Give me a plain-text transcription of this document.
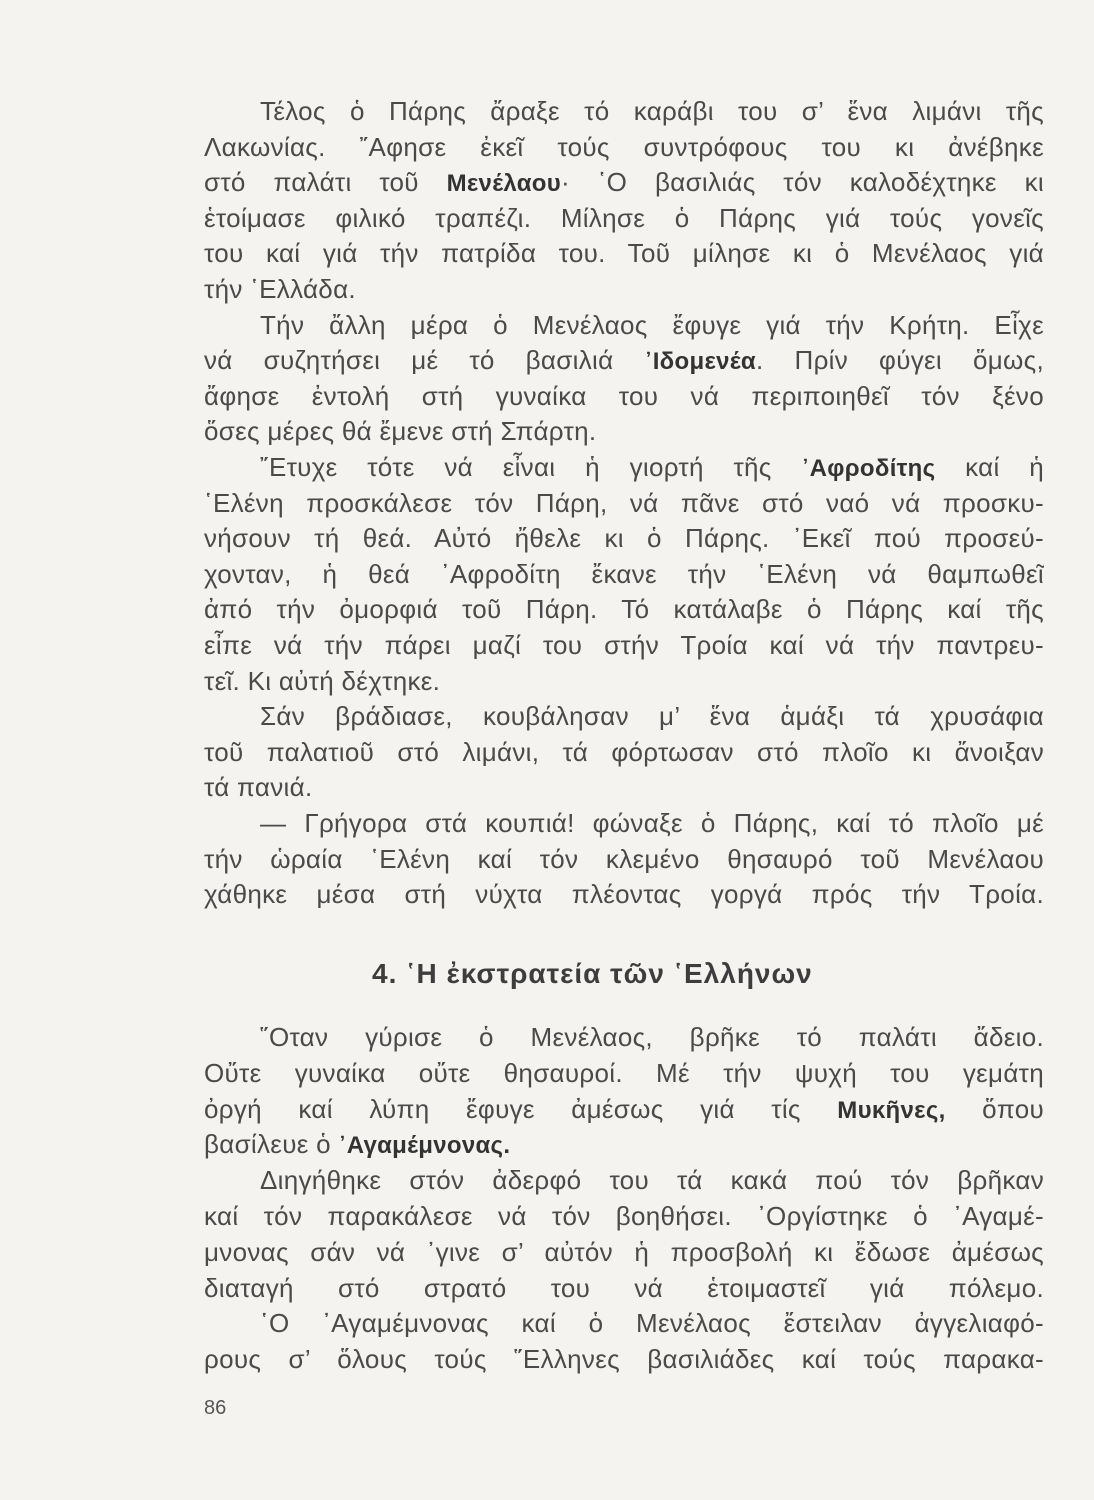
Τέλος ὁ Πάρης ἄραξε τό καράβι του σ’ ἕνα λιμάνι τῆς
Λακωνίας. ῎Αφησε ἐκεῖ τούς συντρόφους του κι ἀνέβηκε
στό παλάτι τοῦ Μενέλαου· ῾Ο βασιλιάς τόν καλοδέχτηκε κι
ἑτοίμασε φιλικό τραπέζι. Μίλησε ὁ Πάρης γιά τούς γονεῖς
του καί γιά τήν πατρίδα του. Τοῦ μίλησε κι ὁ Μενέλαος γιά
τήν ῾Ελλάδα.
Τήν ἄλλη μέρα ὁ Μενέλαος ἔφυγε γιά τήν Κρήτη. Εἶχε
νά συζητήσει μέ τό βασιλιά ᾿Ιδομενέα. Πρίν φύγει ὅμως,
ἄφησε ἐντολή στή γυναίκα του νά περιποιηθεῖ τόν ξένο
ὅσες μέρες θά ἔμενε στή Σπάρτη.
῎Ετυχε τότε νά εἶναι ἡ γιορτή τῆς ᾿Αφροδίτης καί ἡ
῾Ελένη προσκάλεσε τόν Πάρη, νά πᾶνε στό ναό νά προσκυ-
νήσουν τή θεά. Αὐτό ἤθελε κι ὁ Πάρης. ᾿Εκεῖ πού προσεύ-
χονταν, ἡ θεά ᾿Αφροδίτη ἔκανε τήν ῾Ελένη νά θαμπωθεῖ
ἀπό τήν ὀμορφιά τοῦ Πάρη. Τό κατάλαβε ὁ Πάρης καί τῆς
εἶπε νά τήν πάρει μαζί του στήν Τροία καί νά τήν παντρευ-
τεῖ. Κι αὐτή δέχτηκε.
Σάν βράδιασε, κουβάλησαν μ’ ἕνα ἁμάξι τά χρυσάφια
τοῦ παλατιοῦ στό λιμάνι, τά φόρτωσαν στό πλοῖο κι ἄνοιξαν
τά πανιά.
— Γρήγορα στά κουπιά! φώναξε ὁ Πάρης, καί τό πλοῖο μέ
τήν ὡραία ῾Ελένη καί τόν κλεμένο θησαυρό τοῦ Μενέλαου
χάθηκε μέσα στή νύχτα πλέοντας γοργά πρός τήν Τροία.
4. ῾Η ἐκστρατεία τῶν ῾Ελλήνων
῞Οταν γύρισε ὁ Μενέλαος, βρῆκε τό παλάτι ἄδειο.
Οὔτε γυναίκα οὔτε θησαυροί. Μέ τήν ψυχή του γεμάτη
ὀργή καί λύπη ἔφυγε ἀμέσως γιά τίς Μυκῆνες, ὅπου
βασίλευε ὁ ᾿Αγαμέμνονας.
Διηγήθηκε στόν ἀδερφό του τά κακά πού τόν βρῆκαν
καί τόν παρακάλεσε νά τόν βοηθήσει. ᾿Οργίστηκε ὁ ᾿Αγαμέ-
μνονας σάν νά ᾽γινε σ’ αὐτόν ἡ προσβολή κι ἔδωσε ἀμέσως
διαταγή στό στρατό του νά ἑτοιμαστεῖ γιά πόλεμο.
῾Ο ᾿Αγαμέμνονας καί ὁ Μενέλαος ἔστειλαν ἀγγελιαφό-
ρους σ’ ὅλους τούς ῞Ελληνες βασιλιάδες καί τούς παρακα-
86
